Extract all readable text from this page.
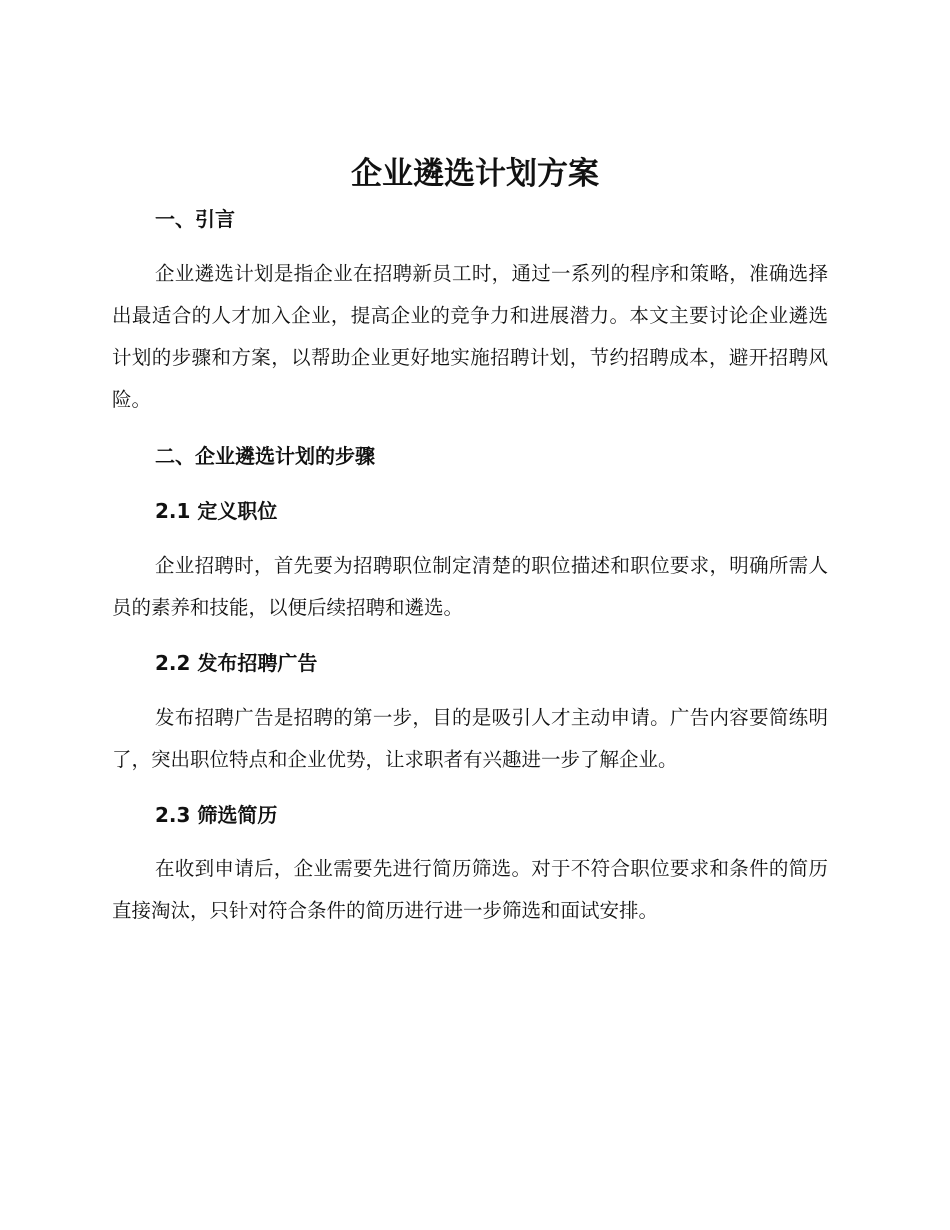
企业遴选计划方案
一、引言

企业遴选计划是指企业在招聘新员工时，通过一系列的程序和策略，准确选择出最适合的人才加入企业，提高企业的竞争力和进展潜力。本文主要讨论企业遴选计划的步骤和方案，以帮助企业更好地实施招聘计划，节约招聘成本，避开招聘风险。

二、企业遴选计划的步骤
2.1 定义职位

企业招聘时，首先要为招聘职位制定清楚的职位描述和职位要求，明确所需人员的素养和技能，以便后续招聘和遴选。

2.2 发布招聘广告

发布招聘广告是招聘的第一步，目的是吸引人才主动申请。广告内容要简练明了，突出职位特点和企业优势，让求职者有兴趣进一步了解企业。

2.3 筛选简历

在收到申请后，企业需要先进行简历筛选。对于不符合职位要求和条件的简历直接淘汰，只针对符合条件的简历进行进一步筛选和面试安排。
